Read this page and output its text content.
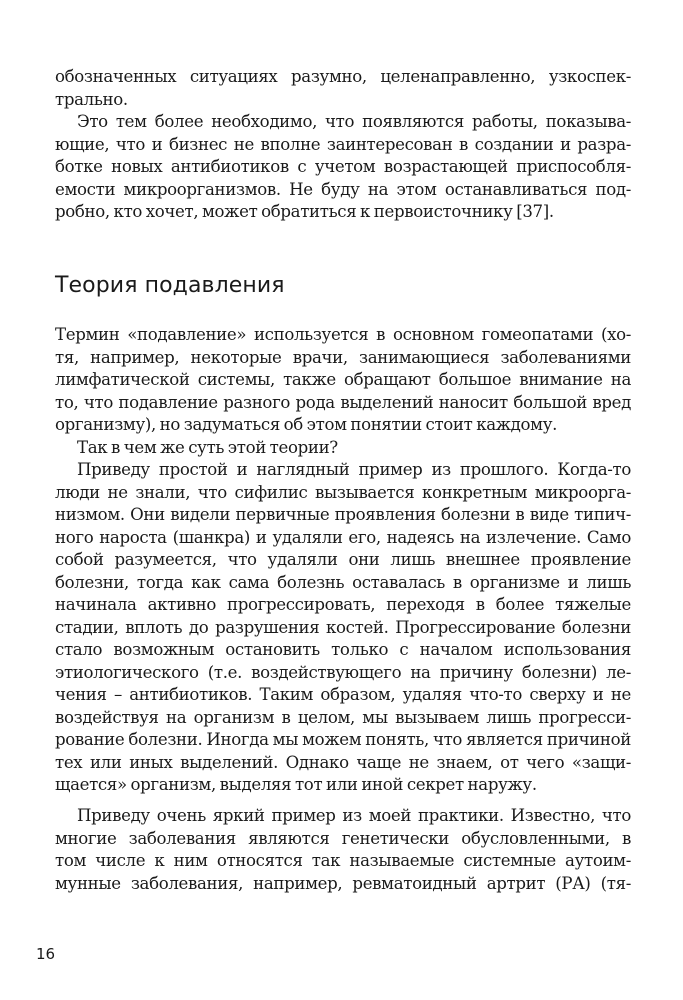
обозначенных ситуациях разумно, целенаправленно, узкоспек-
трально.
Это тем более необходимо, что появляются работы, показыва-
ющие, что и бизнес не вполне заинтересован в создании и разра-
ботке новых антибиотиков с учетом возрастающей приспособля-
емости микроорганизмов. Не буду на этом останавливаться под-
робно, кто хочет, может обратиться к первоисточнику [37].
Теория подавления
Термин «подавление» используется в основном гомеопатами (хо-
тя, например, некоторые врачи, занимающиеся заболеваниями
лимфатической системы, также обращают большое внимание на
то, что подавление разного рода выделений наносит большой вред
организму), но задуматься об этом понятии стоит каждому.
Так в чем же суть этой теории?
Приведу простой и наглядный пример из прошлого. Когда-то
люди не знали, что сифилис вызывается конкретным микроорга-
низмом. Они видели первичные проявления болезни в виде типич-
ного нароста (шанкра) и удаляли его, надеясь на излечение. Само
собой разумеется, что удаляли они лишь внешнее проявление
болезни, тогда как сама болезнь оставалась в организме и лишь
начинала активно прогрессировать, переходя в более тяжелые
стадии, вплоть до разрушения костей. Прогрессирование болезни
стало возможным остановить только с началом использования
этиологического (т.е. воздействующего на причину болезни) ле-
чения – антибиотиков. Таким образом, удаляя что-то сверху и не
воздействуя на организм в целом, мы вызываем лишь прогресси-
рование болезни. Иногда мы можем понять, что является причиной
тех или иных выделений. Однако чаще не знаем, от чего «защи-
щается» организм, выделяя тот или иной секрет наружу.
Приведу очень яркий пример из моей практики. Известно, что
многие заболевания являются генетически обусловленными, в
том числе к ним относятся так называемые системные аутоим-
мунные заболевания, например, ревматоидный артрит (РА) (тя-
16
